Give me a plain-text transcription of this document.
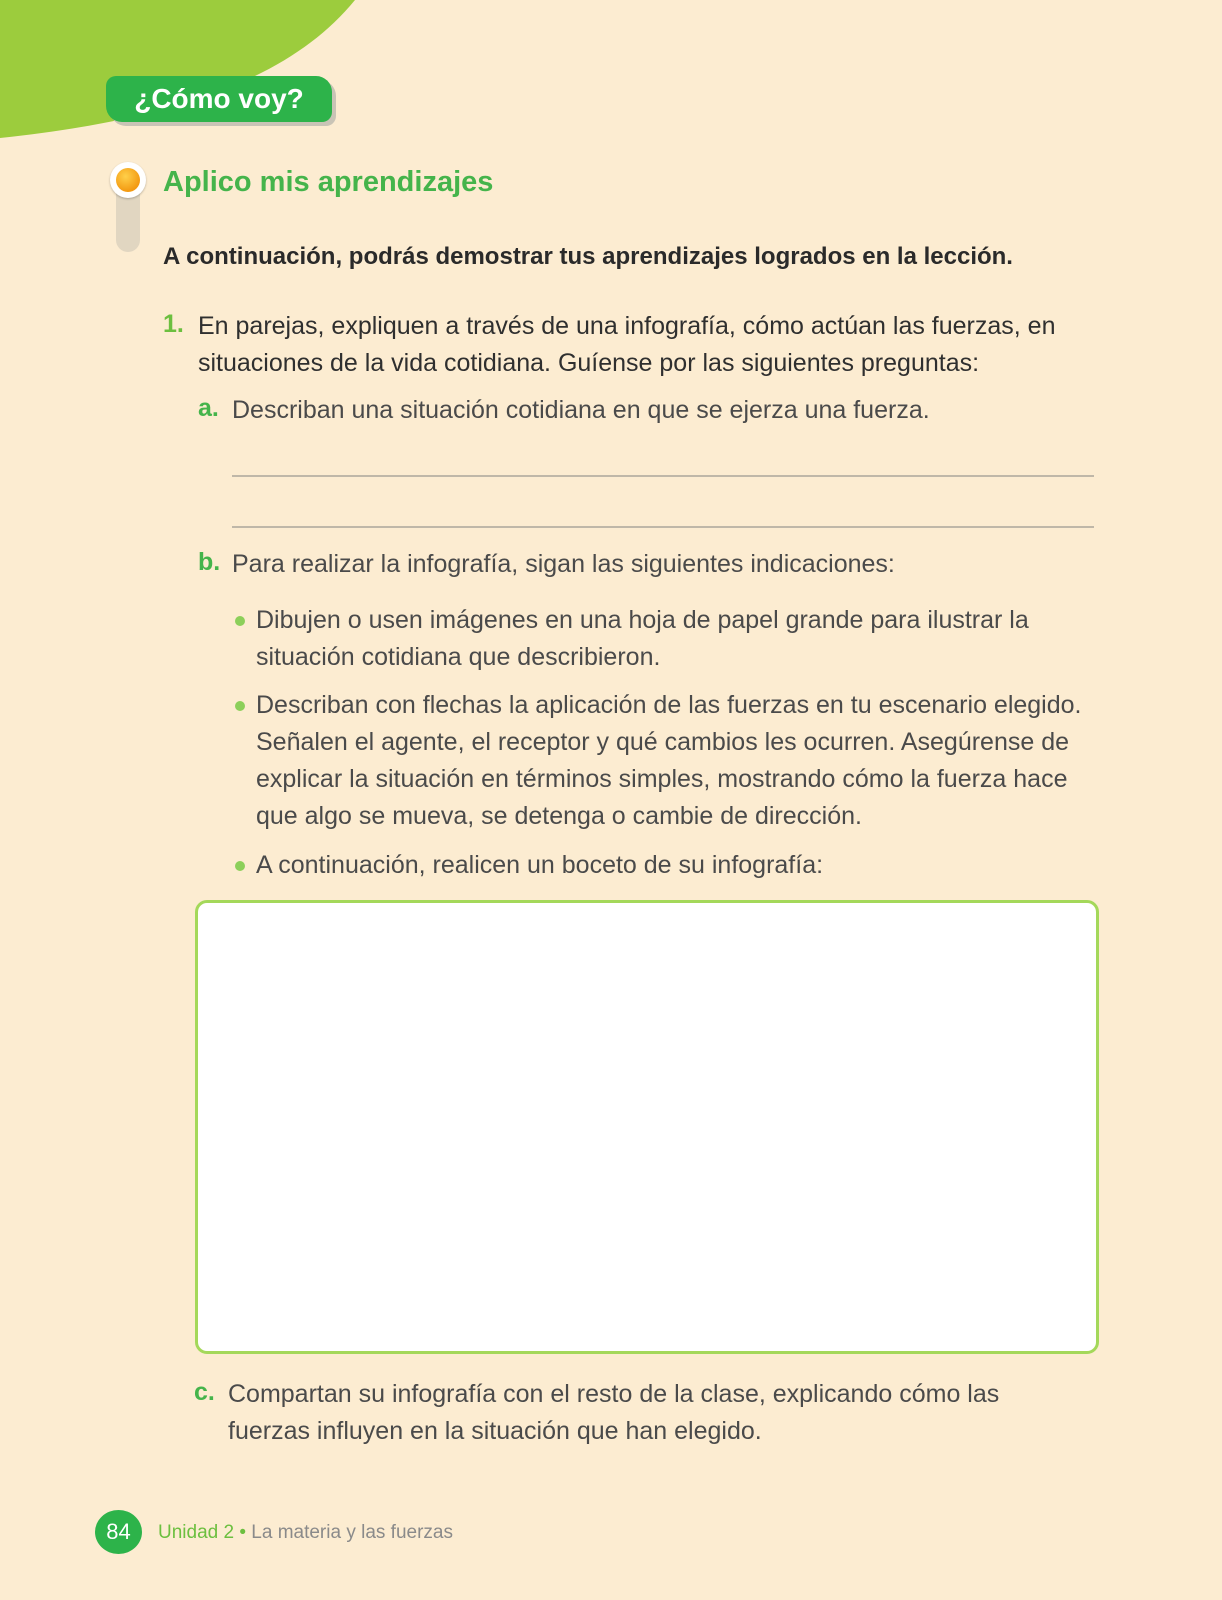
¿Cómo voy?
Aplico mis aprendizajes
A continuación, podrás demostrar tus aprendizajes logrados en la lección.
1. En parejas, expliquen a través de una infografía, cómo actúan las fuerzas, en situaciones de la vida cotidiana. Guíense por las siguientes preguntas:
a. Describan una situación cotidiana en que se ejerza una fuerza.
b. Para realizar la infografía, sigan las siguientes indicaciones:
Dibujen o usen imágenes en una hoja de papel grande para ilustrar la situación cotidiana que describieron.
Describan con flechas la aplicación de las fuerzas en tu escenario elegido. Señalen el agente, el receptor y qué cambios les ocurren. Asegúrense de explicar la situación en términos simples, mostrando cómo la fuerza hace que algo se mueva, se detenga o cambie de dirección.
A continuación, realicen un boceto de su infografía:
c. Compartan su infografía con el resto de la clase, explicando cómo las fuerzas influyen en la situación que han elegido.
84	Unidad 2 • La materia y las fuerzas
